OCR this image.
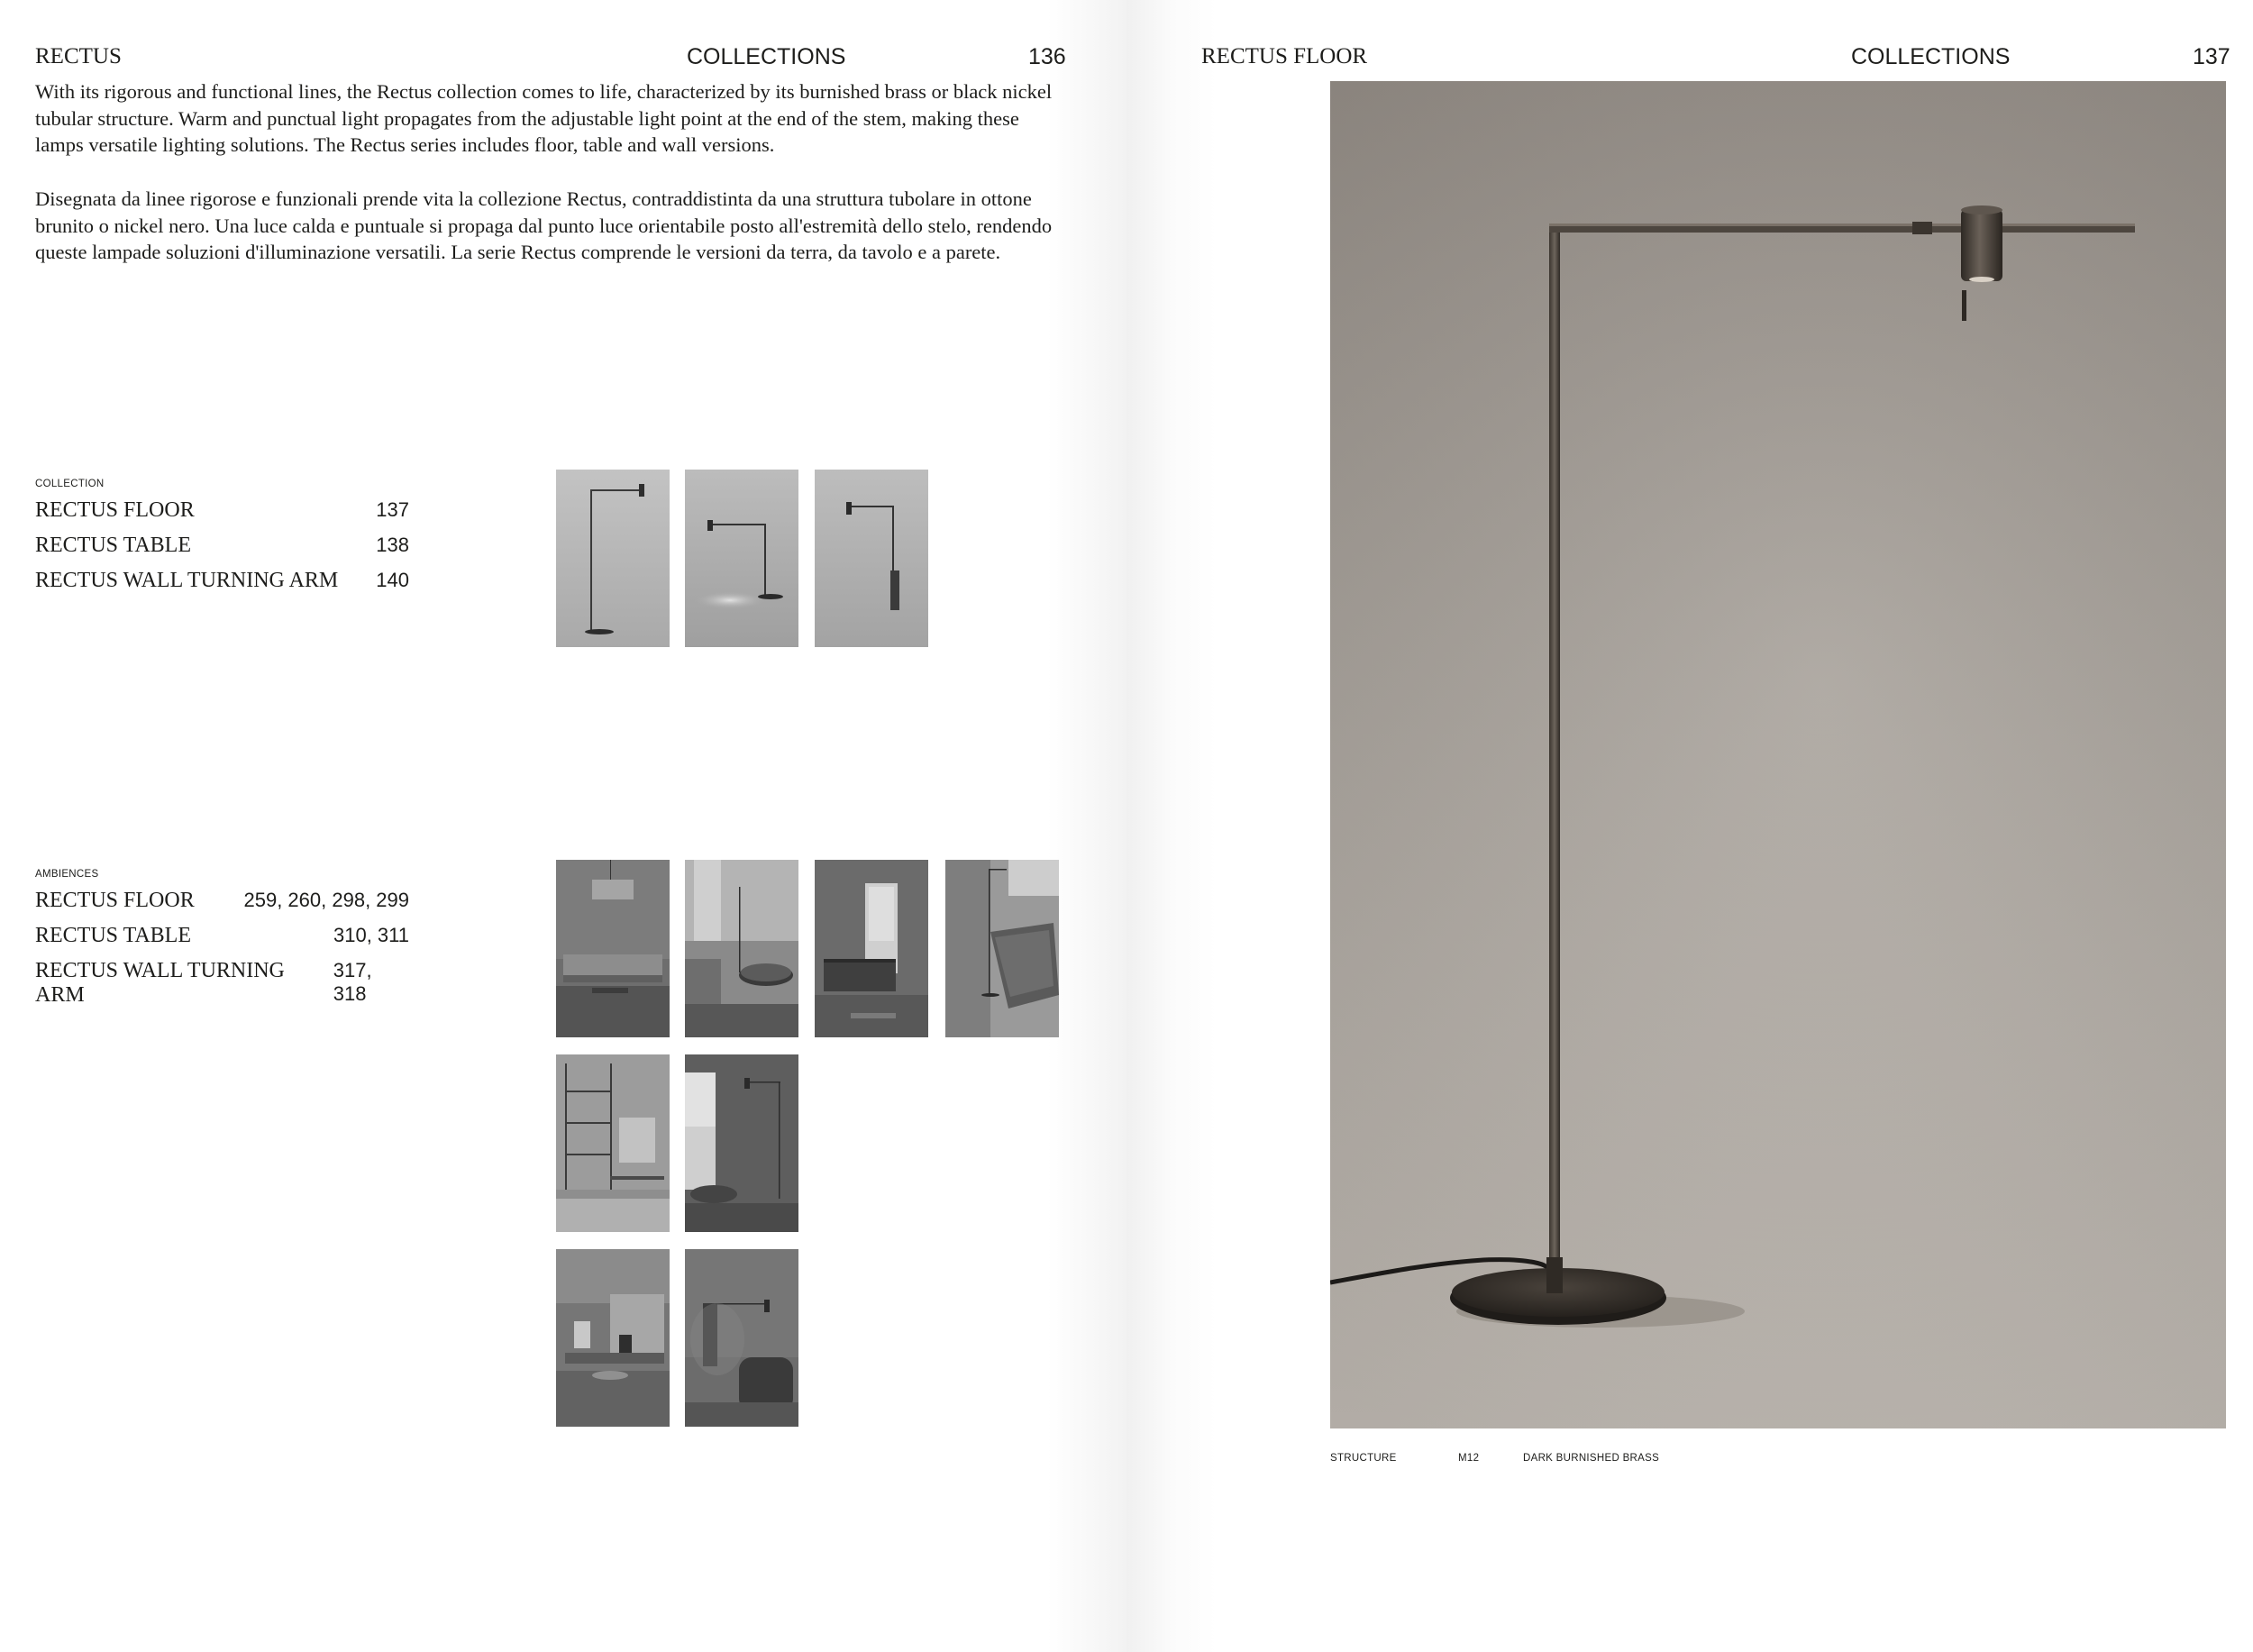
RECTUS	COLLECTIONS	136
With its rigorous and functional lines, the Rectus collection comes to life, characterized by its burnished brass or black nickel tubular structure. Warm and punctual light propagates from the adjustable light point at the end of the stem, making these lamps versatile lighting solutions. The Rectus series includes floor, table and wall versions.
Disegnata da linee rigorose e funzionali prende vita la collezione Rectus, contraddistinta da una struttura tubolare in ottone brunito o nickel nero. Una luce calda e puntuale si propaga dal punto luce orientabile posto all'estremità dello stelo, rendendo queste lampade soluzioni d'illuminazione versatili. La serie Rectus comprende le versioni da terra, da tavolo e a parete.
COLLECTION
RECTUS FLOOR	137
RECTUS TABLE	138
RECTUS WALL TURNING ARM 140
AMBIENCES
RECTUS FLOOR 259, 260, 298, 299
RECTUS TABLE	310, 311
RECTUS WALL TURNING ARM
317, 318
RECTUS FLOOR	COLLECTIONS	137
STRUCTURE	M12	DARK BURNISHED BRASS
